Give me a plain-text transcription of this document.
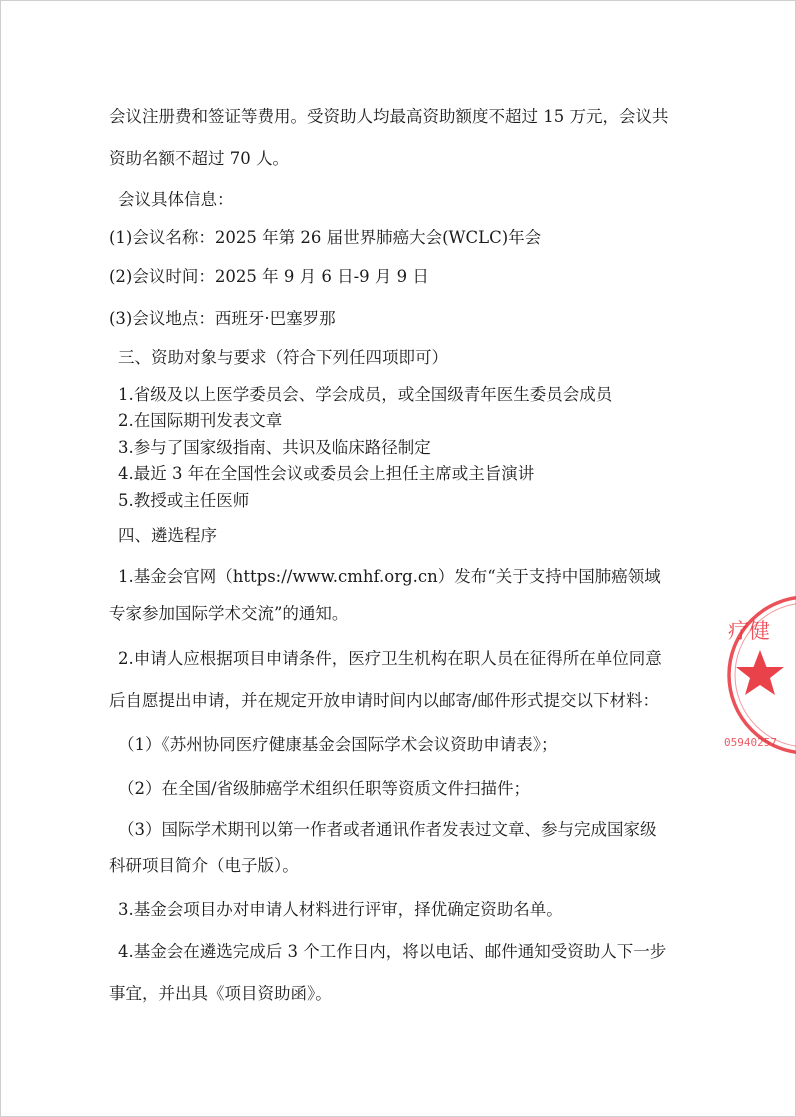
会议注册费和签证等费用。受资助人均最高资助额度不超过 15 万元，会议共
资助名额不超过 70 人。
会议具体信息：
(1)会议名称：2025 年第 26 届世界肺癌大会(WCLC)年会
(2)会议时间：2025 年 9 月 6 日-9 月 9 日
(3)会议地点：西班牙·巴塞罗那
三、资助对象与要求（符合下列任四项即可）
1.省级及以上医学委员会、学会成员，或全国级青年医生委员会成员
2.在国际期刊发表文章
3.参与了国家级指南、共识及临床路径制定
4.最近 3 年在全国性会议或委员会上担任主席或主旨演讲
5.教授或主任医师
四、遴选程序
1.基金会官网（https://www.cmhf.org.cn）发布“关于支持中国肺癌领域
专家参加国际学术交流”的通知。
2.申请人应根据项目申请条件，医疗卫生机构在职人员在征得所在单位同意
后自愿提出申请，并在规定开放申请时间内以邮寄/邮件形式提交以下材料：
（1）《苏州协同医疗健康基金会国际学术会议资助申请表》；
（2）在全国/省级肺癌学术组织任职等资质文件扫描件；
（3）国际学术期刊以第一作者或者通讯作者发表过文章、参与完成国家级
科研项目简介（电子版）。
3.基金会项目办对申请人材料进行评审，择优确定资助名单。
4.基金会在遴选完成后 3 个工作日内，将以电话、邮件通知受资助人下一步
事宜，并出具《项目资助函》。
疗健
05940257
